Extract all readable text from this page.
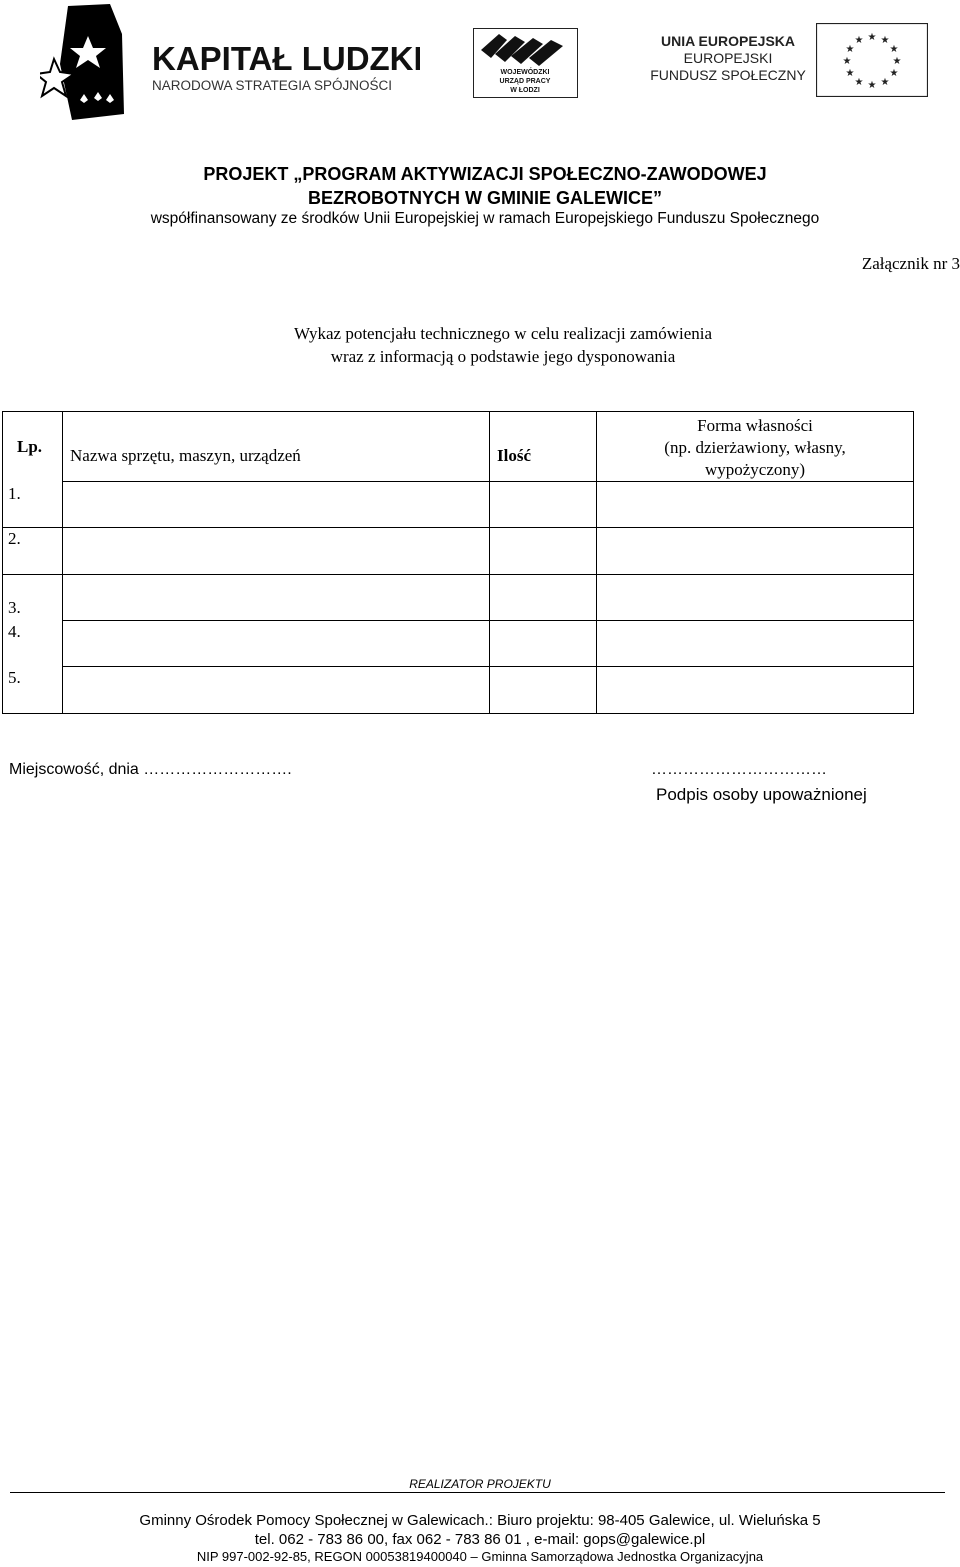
KAPITAŁ LUDZKI
NARODOWA STRATEGIA SPÓJNOŚCI
WOJEWÓDZKI
URZĄD PRACY
W ŁODZI
UNIA EUROPEJSKA
EUROPEJSKI
FUNDUSZ SPOŁECZNY
★ ★
★
★
★
★
★
★
★
★
★
★
PROJEKT „PROGRAM AKTYWIZACJI SPOŁECZNO-ZAWODOWEJ
BEZROBOTNYCH W GMINIE GALEWICE”
współfinansowany ze środków Unii Europejskiej w ramach Europejskiego Funduszu Społecznego
Załącznik nr 3
Wykaz potencjału technicznego w celu realizacji zamówienia
wraz z informacją o podstawie jego dysponowania
Lp. Nazwa sprzętu, maszyn, urządzeń	Ilość
Forma własności
(np. dzierżawiony, własny,
wypożyczony)
1.
2.
3.
4.
5.
Miejscowość, dnia ……………………….	……………………………
Podpis osoby upoważnionej
REALIZATOR PROJEKTU
Gminny Ośrodek Pomocy Społecznej w Galewicach.: Biuro projektu: 98-405 Galewice, ul. Wieluńska 5
tel. 062 - 783 86 00, fax 062 - 783 86 01 , e-mail: gops@galewice.pl
NIP 997-002-92-85, REGON 00053819400040 – Gminna Samorządowa Jednostka Organizacyjna
